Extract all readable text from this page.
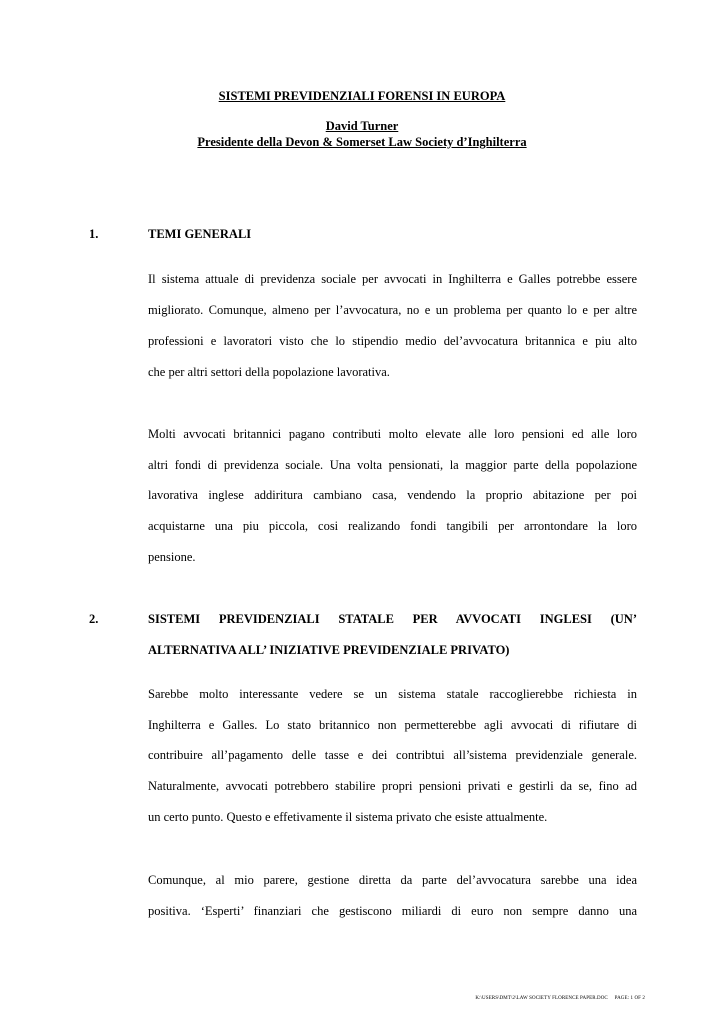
SISTEMI PREVIDENZIALI FORENSI IN EUROPA
David Turner
Presidente della Devon & Somerset Law Society d’Inghilterra
1.	TEMI GENERALI
Il sistema attuale di previdenza sociale per avvocati in Inghilterra e Galles potrebbe essere
migliorato. Comunque, almeno per l’avvocatura, no e un problema per quanto lo e per altre
professioni e lavoratori visto che lo stipendio medio del’avvocatura britannica e piu alto
che per altri settori della popolazione lavorativa.
Molti avvocati britannici pagano contributi molto elevate alle loro pensioni ed alle loro
altri fondi di previdenza sociale. Una volta pensionati, la maggior parte della popolazione
lavorativa inglese addiritura cambiano casa, vendendo la proprio abitazione per poi
acquistarne una piu piccola, cosi realizando fondi tangibili per arrontondare la loro
pensione.
2.	SISTEMI PREVIDENZIALI STATALE PER AVVOCATI INGLESI (UN’
ALTERNATIVA ALL’ INIZIATIVE PREVIDENZIALE PRIVATO)
Sarebbe molto interessante vedere se un sistema statale raccoglierebbe richiesta in
Inghilterra e Galles. Lo stato britannico non permetterebbe agli avvocati di rifiutare di
contribuire all’pagamento delle tasse e dei contribtui all’sistema previdenziale generale.
Naturalmente, avvocati potrebbero stabilire propri pensioni privati e gestirli da se, fino ad
un certo punto. Questo e effetivamente il sistema privato che esiste attualmente.
Comunque, al mio parere, gestione diretta da parte del’avvocatura sarebbe una idea
positiva. ‘Esperti’ finanziari che gestiscono miliardi di euro non sempre danno una
K:\USERS\DMT\2\LAW SOCIETY FLORENCE PAPER.DOC PAGE: 1 OF 2
